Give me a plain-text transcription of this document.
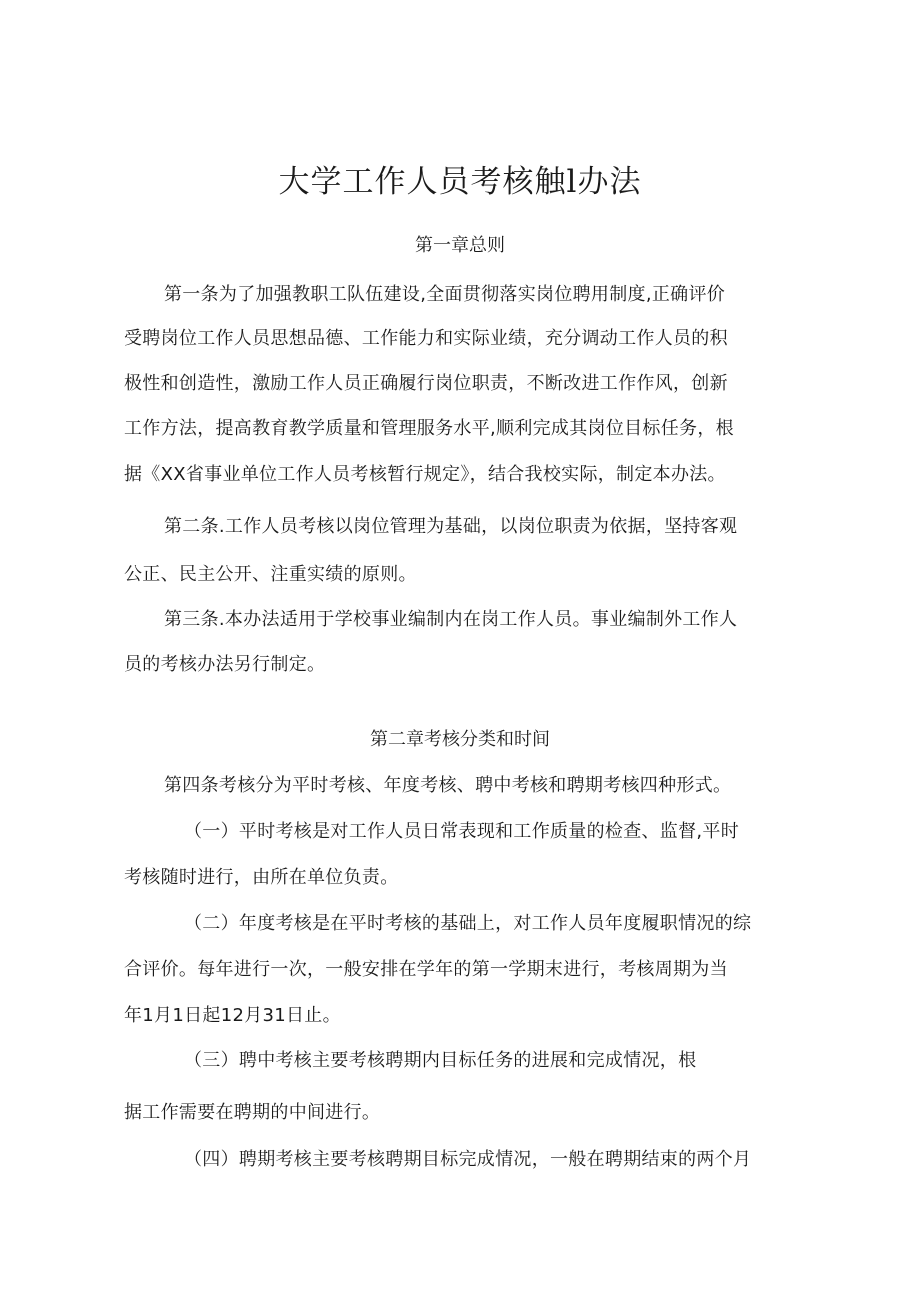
大学工作人员考核触l办法
第一章总则
第一条为了加强教职工队伍建设,全面贯彻落实岗位聘用制度,正确评价
受聘岗位工作人员思想品德、工作能力和实际业绩，充分调动工作人员的积
极性和创造性，激励工作人员正确履行岗位职责，不断改进工作作风，创新
工作方法，提高教育教学质量和管理服务水平,顺利完成其岗位目标任务，根
据《XX省事业单位工作人员考核暂行规定》，结合我校实际，制定本办法。
第二条.工作人员考核以岗位管理为基础，以岗位职责为依据，坚持客观
公正、民主公开、注重实绩的原则。
第三条.本办法适用于学校事业编制内在岗工作人员。事业编制外工作人
员的考核办法另行制定。
第二章考核分类和时间
第四条考核分为平时考核、年度考核、聘中考核和聘期考核四种形式。
（一）平时考核是对工作人员日常表现和工作质量的检查、监督,平时
考核随时进行，由所在单位负责。
（二）年度考核是在平时考核的基础上，对工作人员年度履职情况的综
合评价。每年进行一次，一般安排在学年的第一学期末进行，考核周期为当
年1月1日起12月31日止。
（三）聘中考核主要考核聘期内目标任务的进展和完成情况，根
据工作需要在聘期的中间进行。
（四）聘期考核主要考核聘期目标完成情况，一般在聘期结束的两个月
